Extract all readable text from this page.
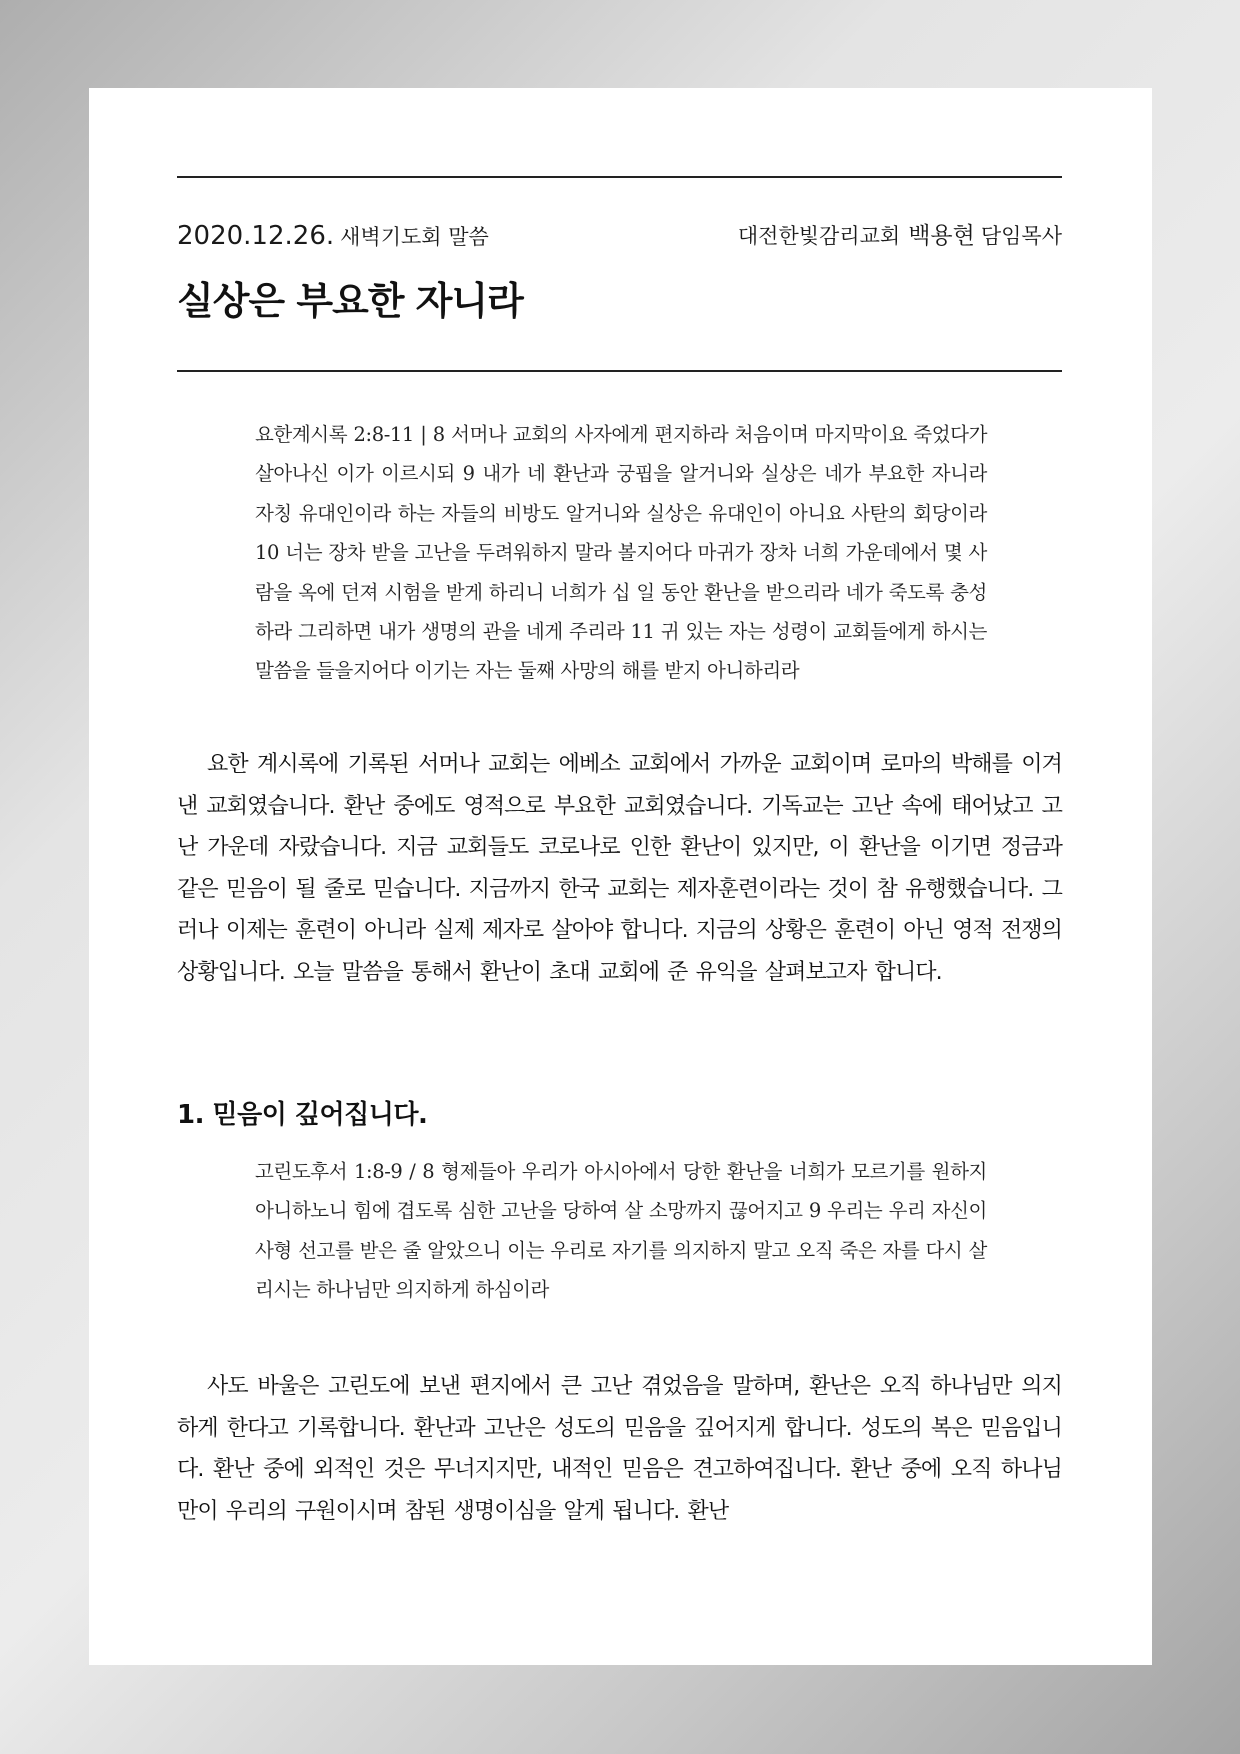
2020.12.26. 새벽기도회 말씀	대전한빛감리교회 백용현 담임목사

실상은 부요한 자니라

요한계시록 2:8-11 | 8 서머나 교회의 사자에게 편지하라 처음이며 마지막이요 죽었다가 살아나신 이가 이르시되 9 내가 네 환난과 궁핍을 알거니와 실상은 네가 부요한 자니라 자칭 유대인이라 하는 자들의 비방도 알거니와 실상은 유대인이 아니요 사탄의 회당이라 10 너는 장차 받을 고난을 두려워하지 말라 볼지어다 마귀가 장차 너희 가운데에서 몇 사람을 옥에 던져 시험을 받게 하리니 너희가 십 일 동안 환난을 받으리라 네가 죽도록 충성하라 그리하면 내가 생명의 관을 네게 주리라 11 귀 있는 자는 성령이 교회들에게 하시는 말씀을 들을지어다 이기는 자는 둘째 사망의 해를 받지 아니하리라

요한 계시록에 기록된 서머나 교회는 에베소 교회에서 가까운 교회이며 로마의 박해를 이겨낸 교회였습니다. 환난 중에도 영적으로 부요한 교회였습니다. 기독교는 고난 속에 태어났고 고난 가운데 자랐습니다. 지금 교회들도 코로나로 인한 환난이 있지만, 이 환난을 이기면 정금과 같은 믿음이 될 줄로 믿습니다. 지금까지 한국 교회는 제자훈련이라는 것이 참 유행했습니다. 그러나 이제는 훈련이 아니라 실제 제자로 살아야 합니다. 지금의 상황은 훈련이 아닌 영적 전쟁의 상황입니다. 오늘 말씀을 통해서 환난이 초대 교회에 준 유익을 살펴보고자 합니다.

1. 믿음이 깊어집니다.

고린도후서 1:8-9 / 8 형제들아 우리가 아시아에서 당한 환난을 너희가 모르기를 원하지 아니하노니 힘에 겹도록 심한 고난을 당하여 살 소망까지 끊어지고 9 우리는 우리 자신이 사형 선고를 받은 줄 알았으니 이는 우리로 자기를 의지하지 말고 오직 죽은 자를 다시 살리시는 하나님만 의지하게 하심이라

사도 바울은 고린도에 보낸 편지에서 큰 고난 겪었음을 말하며, 환난은 오직 하나님만 의지하게 한다고 기록합니다. 환난과 고난은 성도의 믿음을 깊어지게 합니다. 성도의 복은 믿음입니다. 환난 중에 외적인 것은 무너지지만, 내적인 믿음은 견고하여집니다. 환난 중에 오직 하나님만이 우리의 구원이시며 참된 생명이심을 알게 됩니다. 환난
